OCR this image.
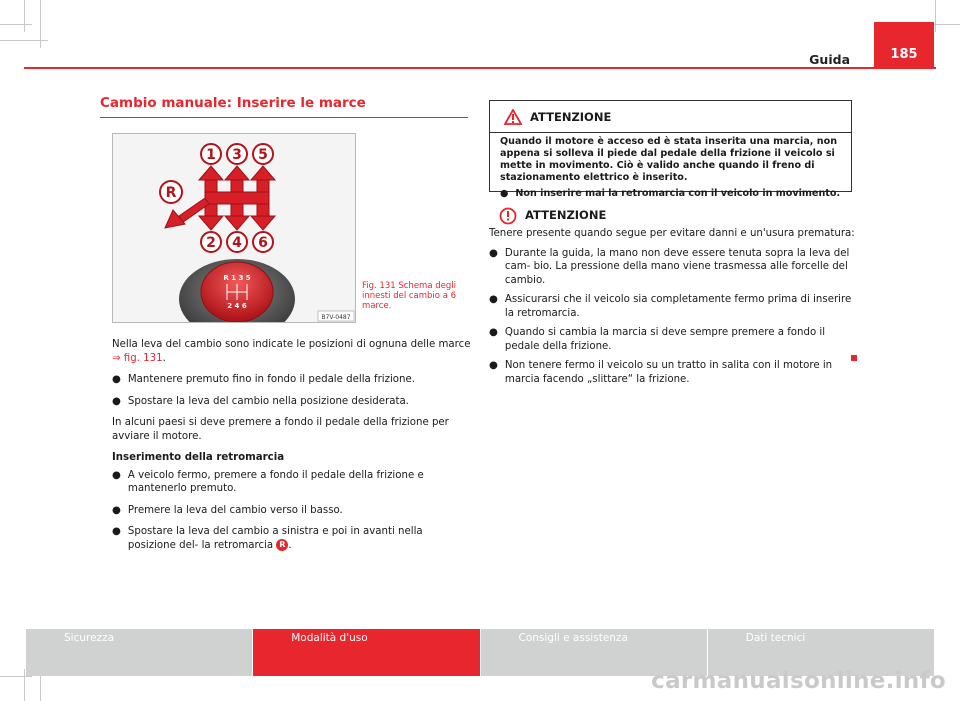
Guida	185
Cambio manuale: Inserire le marce
1 3 5
2 4 6
R
R 1 3 5
2 4 6
B7V-0487
Fig. 131 Schema degli innesti del cambio a 6 marce.

Nella leva del cambio sono indicate le posizioni di ognuna delle marce
⇒ fig. 131.

● Mantenere premuto fino in fondo il pedale della frizione.

● Spostare la leva del cambio nella posizione desiderata.

In alcuni paesi si deve premere a fondo il pedale della frizione per avviare il motore.

Inserimento della retromarcia

● A veicolo fermo, premere a fondo il pedale della frizione e mantenerlo premuto.

● Premere la leva del cambio verso il basso.

● Spostare la leva del cambio a sinistra e poi in avanti nella posizione del- la retromarcia R .

ATTENZIONE

Quando il motore è acceso ed è stata inserita una marcia, non appena si solleva il piede dal pedale della frizione il veicolo si mette in movimento. Ciò è valido anche quando il freno di stazionamento elettrico è inserito.

● Non inserire mai la retromarcia con il veicolo in movimento.

ATTENZIONE

Tenere presente quando segue per evitare danni e un'usura prematura:

● Durante la guida, la mano non deve essere tenuta sopra la leva del cam- bio. La pressione della mano viene trasmessa alle forcelle del cambio.

● Assicurarsi che il veicolo sia completamente fermo prima di inserire la retromarcia.

● Quando si cambia la marcia si deve sempre premere a fondo il pedale della frizione.

● Non tenere fermo il veicolo su un tratto in salita con il motore in marcia facendo „slittare“ la frizione.

Sicurezza	Modalità d'uso	Consigli e assistenza	Dati tecnici
carmanualsonline.info
